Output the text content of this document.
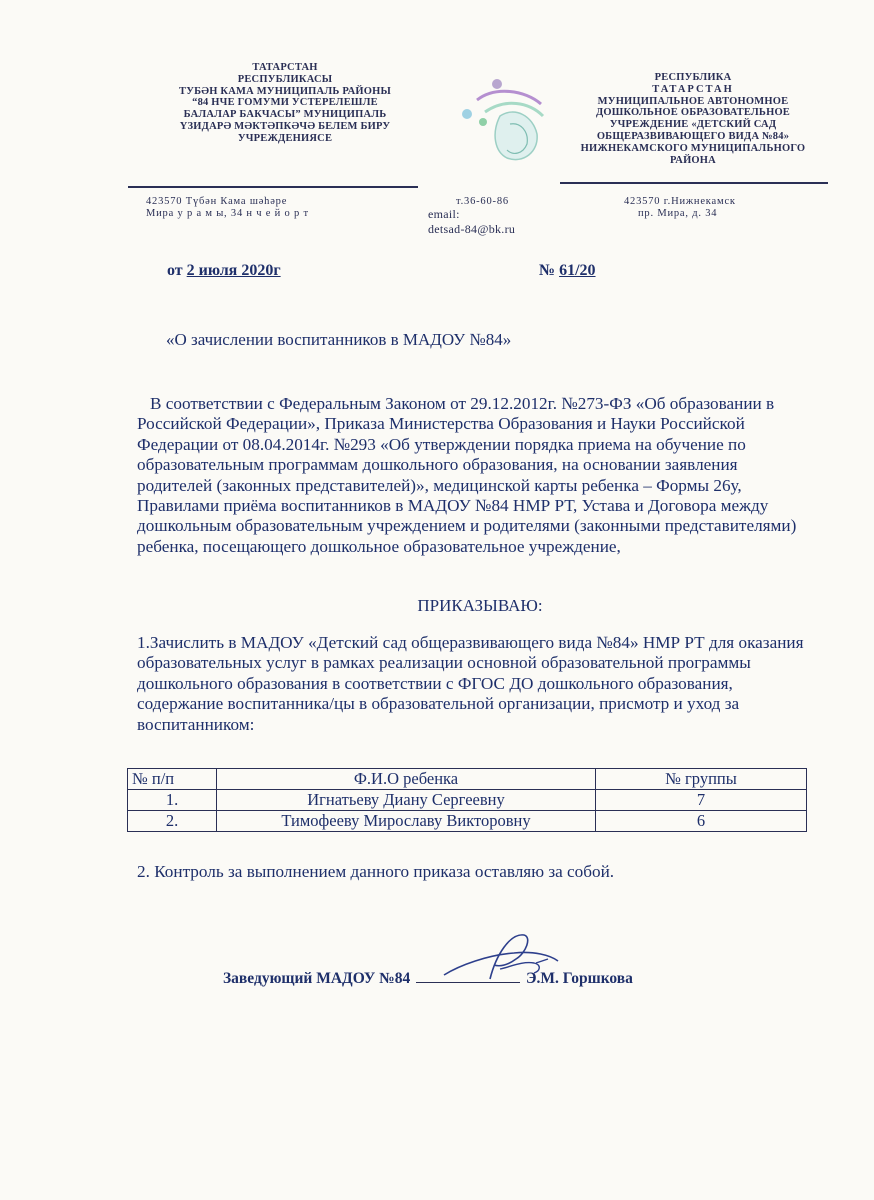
ТАТАРСТАН
РЕСПУБЛИКАСЫ
ТУБӘН КАМА МУНИЦИПАЛЬ РАЙОНЫ
“84 НЧЕ ГОМУМИ УСТЕРЕЛЕШЛЕ
БАЛАЛАР БАКЧАСЫ” МУНИЦИПАЛЬ
ҮЗИДАРӘ МӘКТӘПКӘЧӘ БЕЛЕМ БИРУ
УЧРЕЖДЕНИЯСЕ
РЕСПУБЛИКА
ТАТАРСТАН
МУНИЦИПАЛЬНОЕ АВТОНОМНОЕ
ДОШКОЛЬНОЕ ОБРАЗОВАТЕЛЬНОЕ
УЧРЕЖДЕНИЕ «ДЕТСКИЙ САД
ОБЩЕРАЗВИВАЮЩЕГО ВИДА №84»
НИЖНЕКАМСКОГО МУНИЦИПАЛЬНОГО
РАЙОНА
423570 Түбән Кама шәһәре
Мира у р а м ы, 34 н ч е й о р т
т.36-60-86
email:
detsad-84@bk.ru
423570 г.Нижнекамск
пр. Мира, д. 34
от 2 июля 2020г	№ 61/20
«О зачислении воспитанников в МАДОУ №84»

В соответствии с Федеральным Законом от 29.12.2012г. №273-ФЗ «Об образовании в Российской Федерации», Приказа Министерства Образования и Науки Российской Федерации от 08.04.2014г. №293 «Об утверждении порядка приема на обучение по образовательным программам дошкольного образования, на основании заявления родителей (законных представителей)», медицинской карты ребенка – Формы 26у, Правилами приёма воспитанников в МАДОУ №84 НМР РТ, Устава и Договора между дошкольным образовательным учреждением и родителями (законными представителями) ребенка, посещающего дошкольное образовательное учреждение,

ПРИКАЗЫВАЮ:
1.Зачислить в МАДОУ «Детский сад общеразвивающего вида №84» НМР РТ для оказания образовательных услуг в рамках реализации основной образовательной программы дошкольного образования в соответствии с ФГОС ДО дошкольного образования, содержание воспитанника/цы в образовательной организации, присмотр и уход за воспитанником:
№ п/п	Ф.И.О ребенка	№ группы
1.	Игнатьеву Диану Сергеевну	7
2.	Тимофееву Мирославу Викторовну	6
2. Контроль за выполнением данного приказа оставляю за собой.
Заведующий МАДОУ №84	Э.М. Горшкова
